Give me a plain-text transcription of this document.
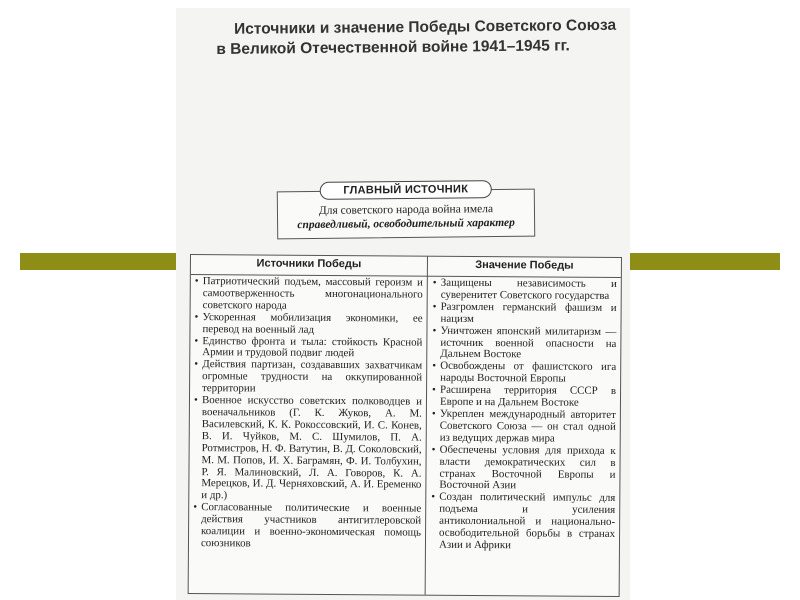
Источники и значение Победы Советского Союза
в Великой Отечественной войне 1941–1945 гг.
ГЛАВНЫЙ ИСТОЧНИК
Для советского народа война имела
справедливый, освободительный характер
Источники Победы	Значение Победы
• Патриотический подъем, массовый героизм и самоотверженность многонационального советского народа
• Ускоренная мобилизация экономики, ее перевод на военный лад
• Единство фронта и тыла: стойкость Красной Армии и трудовой подвиг людей
• Действия партизан, создававших захватчикам огромные трудности на оккупированной территории
• Военное искусство советских полководцев и военачальников (Г. К. Жуков, А. М. Василевский, К. К. Рокоссовский, И. С. Конев, В. И. Чуйков, М. С. Шумилов, П. А. Ротмистров, Н. Ф. Ватутин, В. Д. Соколовский, М. М. Попов, И. Х. Баграмян, Ф. И. Толбухин, Р. Я. Малиновский, Л. А. Говоров, К. А. Мерецков, И. Д. Черняховский, А. И. Еременко и др.)
• Согласованные политические и военные действия участников антигитлеровской коалиции и военно-экономическая помощь союзников
• Защищены независимость и суверенитет Советского государства
• Разгромлен германский фашизм и нацизм
• Уничтожен японский милитаризм — источник военной опасности на Дальнем Востоке
• Освобождены от фашистского ига народы Восточной Европы
• Расширена территория СССР в Европе и на Дальнем Востоке
• Укреплен международный авторитет Советского Союза — он стал одной из ведущих держав мира
• Обеспечены условия для прихода к власти демократических сил в странах Восточной Европы и Восточной Азии
• Создан политический импульс для подъема и усиления антиколониальной и национально-освободительной борьбы в странах Азии и Африки
